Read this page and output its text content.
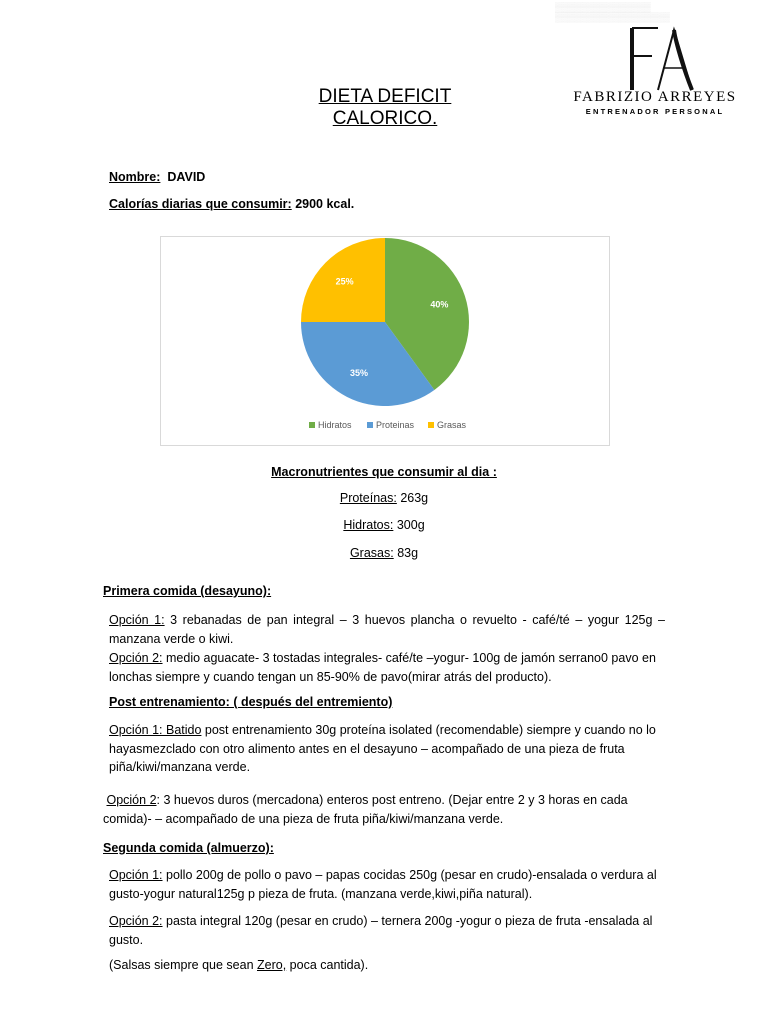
DIETA DEFICIT
CALORICO.
▒▒▒▒▒▒▒▒▒▒▒▒▒▒▒
▒▒▒▒▒▒▒▒▒▒▒▒▒▒▒▒▒▒
FABRIZIO ARREYES
ENTRENADOR PERSONAL
Nombre: DAVID
Calorías diarias que consumir: 2900 kcal.
40%
35%
25%
Hidratos	Proteinas	Grasas
Macronutrientes que consumir al dia :
Proteínas: 263g
Hidratos: 300g
Grasas: 83g
Primera comida (desayuno):
Opción 1: 3 rebanadas de pan integral – 3 huevos plancha o revuelto - café/té – yogur 125g – manzana verde o kiwi.
Opción 2: medio aguacate- 3 tostadas integrales- café/te –yogur- 100g de jamón serrano0 pavo en lonchas siempre y cuando tengan un 85-90% de pavo(mirar atrás del producto).
Post entrenamiento: ( después del entremiento)
Opción 1: Batido post entrenamiento 30g proteína isolated (recomendable) siempre y cuando no lo hayasmezclado con otro alimento antes en el desayuno – acompañado de una pieza de fruta piña/kiwi/manzana verde.
Opción 2: 3 huevos duros (mercadona) enteros post entreno. (Dejar entre 2 y 3 horas en cada comida)- – acompañado de una pieza de fruta piña/kiwi/manzana verde.
Segunda comida (almuerzo):
Opción 1: pollo 200g de pollo o pavo – papas cocidas 250g (pesar en crudo)-ensalada o verdura al gusto-yogur natural125g p pieza de fruta. (manzana verde,kiwi,piña natural).
Opción 2: pasta integral 120g (pesar en crudo) – ternera 200g -yogur o pieza de fruta -ensalada al gusto.
(Salsas siempre que sean Zero, poca cantida).
